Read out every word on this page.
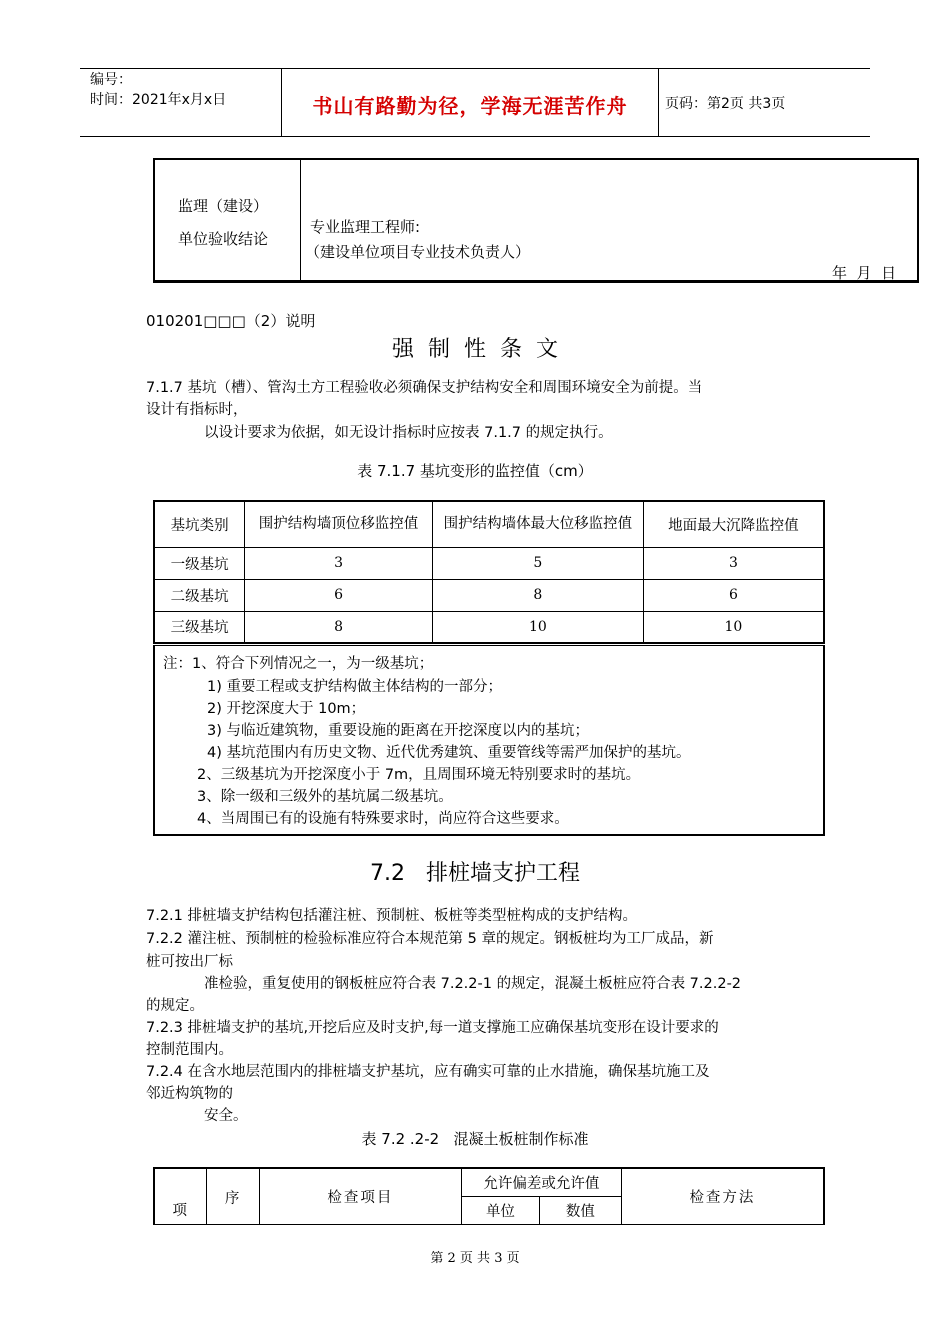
编号：
时间：2021年x月x日	书山有路勤为径，学海无涯苦作舟	页码：第2页 共3页
监理（建设）
单位验收结论
专业监理工程师:
（建设单位项目专业技术负责人）
年  月  日
010201□□□（2）说明
强制性条文
7.1.7 基坑（槽）、管沟土方工程验收必须确保支护结构安全和周围环境安全为前提。当
设计有指标时，
以设计要求为依据，如无设计指标时应按表 7.1.7 的规定执行。
表 7.1.7 基坑变形的监控值（cm）
基坑类别	围护结构墙顶位移监控值	围护结构墙体最大位移监控值	地面最大沉降监控值
一级基坑	3	5	3
二级基坑	6	8	6
三级基坑	8	10	10
注：1、符合下列情况之一，为一级基坑；
1) 重要工程或支护结构做主体结构的一部分；
2) 开挖深度大于 10m；
3) 与临近建筑物，重要设施的距离在开挖深度以内的基坑；
4) 基坑范围内有历史文物、近代优秀建筑、重要管线等需严加保护的基坑。
2、三级基坑为开挖深度小于 7m，且周围环境无特别要求时的基坑。
3、除一级和三级外的基坑属二级基坑。
4、当周围已有的设施有特殊要求时，尚应符合这些要求。
7.2   排桩墙支护工程
7.2.1 排桩墙支护结构包括灌注桩、预制桩、板桩等类型桩构成的支护结构。
7.2.2 灌注桩、预制桩的检验标准应符合本规范第 5 章的规定。钢板桩均为工厂成品，新
桩可按出厂标
准检验，重复使用的钢板桩应符合表 7.2.2-1 的规定，混凝土板桩应符合表 7.2.2-2
的规定。
7.2.3 排桩墙支护的基坑,开挖后应及时支护,每一道支撑施工应确保基坑变形在设计要求的
控制范围内。
7.2.4 在含水地层范围内的排桩墙支护基坑，应有确实可靠的止水措施，确保基坑施工及
邻近构筑物的
安全。
表 7.2 .2-2   混凝土板桩制作标准
项	序	检查项目	允许偏差或允许值		检查方法
			单位	数值	
第 2 页 共 3 页
